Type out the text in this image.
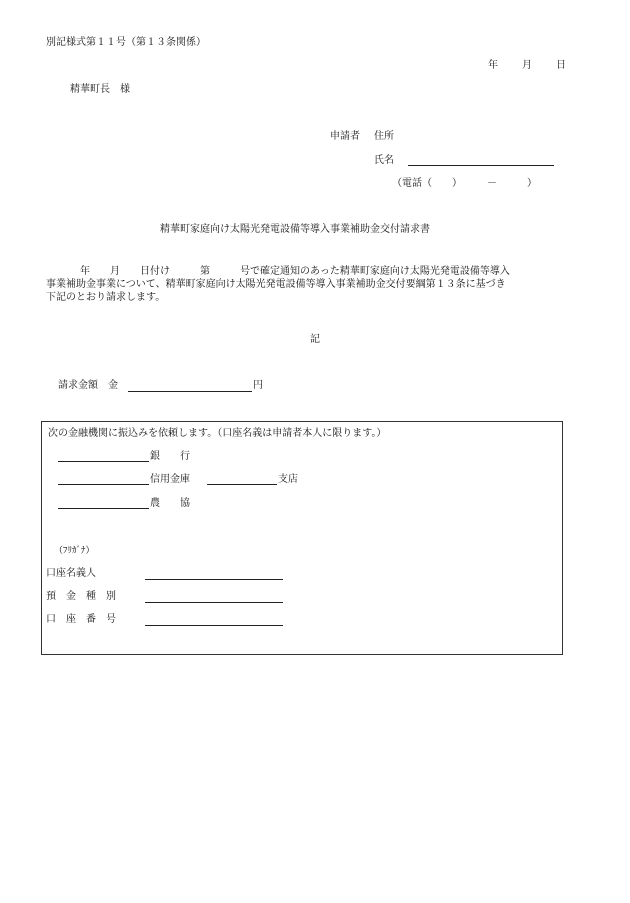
別記様式第１１号（第１３条関係）
年 月 日
精華町長　様
申請者 住所
氏名
（電話（　　）　　　－　　　）
精華町家庭向け太陽光発電設備等導入事業補助金交付請求書
年　　月　　日付け　　　第　　　号で確定通知のあった精華町家庭向け太陽光発電設備等導入
事業補助金事業について、精華町家庭向け太陽光発電設備等導入事業補助金交付要綱第１３条に基づき
下記のとおり請求します。
記
請求金額　金	円
次の金融機関に振込みを依頼します。（口座名義は申請者本人に限ります。）
銀　　行
信用金庫	支店
農　　協
（ﾌﾘｶﾞﾅ）
口座名義人
預　金　種　別
口　座　番　号
